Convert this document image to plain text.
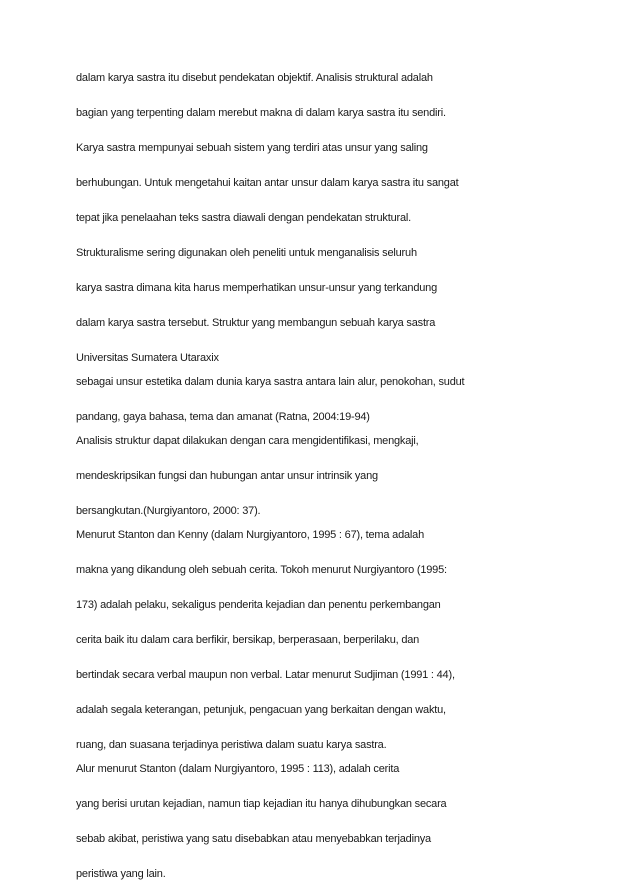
dalam karya sastra itu disebut pendekatan objektif. Analisis struktural adalah

bagian yang terpenting dalam merebut makna di dalam karya sastra itu sendiri.

Karya sastra mempunyai sebuah sistem yang terdiri atas unsur yang saling

berhubungan. Untuk mengetahui kaitan antar unsur dalam karya sastra itu sangat

tepat jika penelaahan teks sastra diawali dengan pendekatan struktural.

Strukturalisme sering digunakan oleh peneliti untuk menganalisis seluruh

karya sastra dimana kita harus memperhatikan unsur-unsur yang terkandung

dalam karya sastra tersebut. Struktur yang membangun sebuah karya sastra

Universitas Sumatera Utaraxix

sebagai unsur estetika dalam dunia karya sastra antara lain alur, penokohan, sudut

pandang, gaya bahasa, tema dan amanat (Ratna, 2004:19-94)

Analisis struktur dapat dilakukan dengan cara mengidentifikasi, mengkaji,

mendeskripsikan fungsi dan hubungan antar unsur intrinsik yang

bersangkutan.(Nurgiyantoro, 2000: 37).

Menurut Stanton dan Kenny (dalam Nurgiyantoro, 1995 : 67), tema adalah

makna yang dikandung oleh sebuah cerita. Tokoh menurut Nurgiyantoro (1995:

173) adalah pelaku, sekaligus penderita kejadian dan penentu perkembangan

cerita baik itu dalam cara berfikir, bersikap, berperasaan, berperilaku, dan

bertindak secara verbal maupun non verbal. Latar menurut Sudjiman (1991 : 44),

adalah segala keterangan, petunjuk, pengacuan yang berkaitan dengan waktu,

ruang, dan suasana terjadinya peristiwa dalam suatu karya sastra.

Alur menurut Stanton (dalam Nurgiyantoro, 1995 : 113), adalah cerita

yang berisi urutan kejadian, namun tiap kejadian itu hanya dihubungkan secara

sebab akibat, peristiwa yang satu disebabkan atau menyebabkan terjadinya

peristiwa yang lain.
